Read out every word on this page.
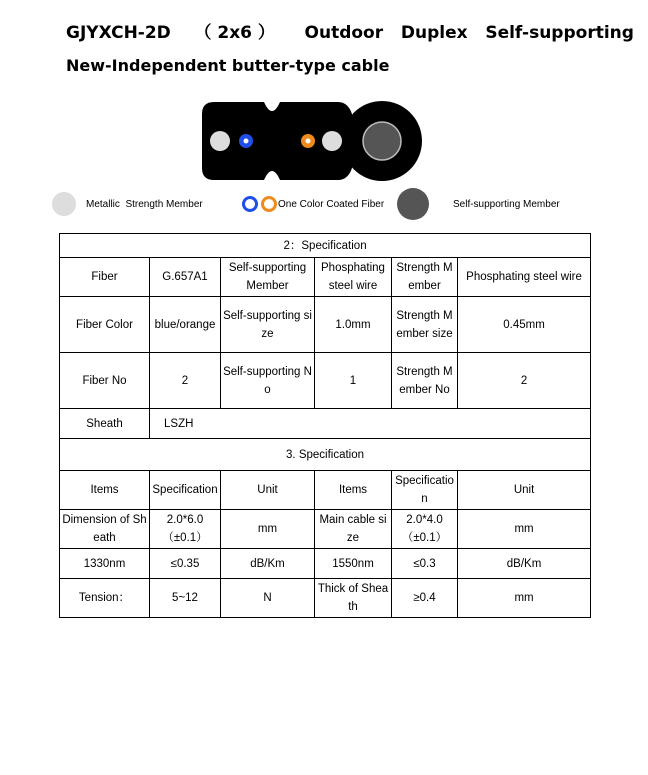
GJYXCH-2D    （ 2x6 ）     Outdoor   Duplex   Self-supporting
New-Independent butter-type cable
Metallic  Strength Member	One Color Coated Fiber	Self-supporting Member
2：Specification					
Fiber	G.657A1	Self-supporting Member	Phosphating steel wire	Strength Member	Phosphating steel wire
Fiber Color	blue/orange	Self-supporting size	1.0mm	Strength Member size	0.45mm
Fiber No	2	Self-supporting No	1	Strength Member No	2
Sheath	LSZH				
3. Specification					
Items	Specification	Unit	Items	Specification	Unit
Dimension of Sheath	2.0*6.0 （±0.1）	mm	Main cable size	2.0*4.0 （±0.1）	mm
1330nm	≤0.35	dB/Km	1550nm	≤0.3	dB/Km
Tension：	5~12	N	Thick of Sheath	≥0.4	mm
